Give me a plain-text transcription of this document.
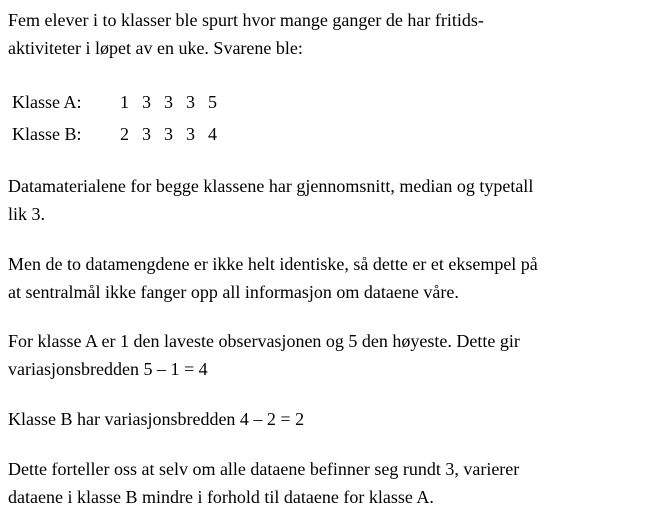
Fem elever i to klasser ble spurt hvor mange ganger de har fritids-
aktiviteter i løpet av en uke. Svarene ble:

Klasse A:	1  3  3  3  5
Klasse B:	2  3  3  3  4

Datamaterialene for begge klassene har gjennomsnitt, median og typetall
lik 3.

Men de to datamengdene er ikke helt identiske, så dette er et eksempel på
at sentralmål ikke fanger opp all informasjon om dataene våre.

For klasse A er 1 den laveste observasjonen og 5 den høyeste. Dette gir
variasjonsbredden 5 – 1 = 4

Klasse B har variasjonsbredden 4 – 2 = 2

Dette forteller oss at selv om alle dataene befinner seg rundt 3, varierer
dataene i klasse B mindre i forhold til dataene for klasse A.
